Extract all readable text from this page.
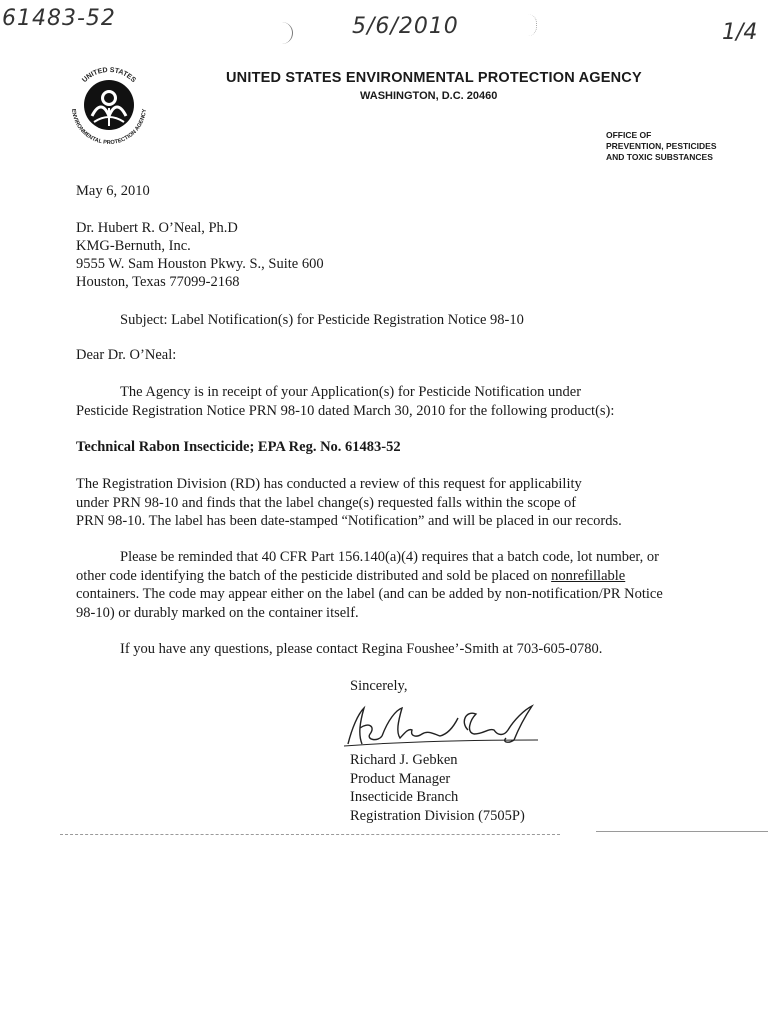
61483-52	5/6/2010	1/4
UNITED STATES
ENVIRONMENTAL PROTECTION AGENCY
UNITED STATES ENVIRONMENTAL PROTECTION AGENCY
WASHINGTON, D.C. 20460
OFFICE OF
PREVENTION, PESTICIDES
AND TOXIC SUBSTANCES
May 6, 2010
Dr. Hubert R. O’Neal, Ph.D
KMG-Bernuth, Inc.
9555 W. Sam Houston Pkwy. S., Suite 600
Houston, Texas 77099-2168
Subject: Label Notification(s) for Pesticide Registration Notice 98-10
Dear Dr. O’Neal:
The Agency is in receipt of your Application(s) for Pesticide Notification under
Pesticide Registration Notice PRN 98-10 dated March 30, 2010 for the following product(s):
Technical Rabon Insecticide; EPA Reg. No. 61483-52
The Registration Division (RD) has conducted a review of this request for applicability
under PRN 98-10 and finds that the label change(s) requested falls within the scope of
PRN 98-10. The label has been date-stamped “Notification” and will be placed in our records.
Please be reminded that 40 CFR Part 156.140(a)(4) requires that a batch code, lot number, or
other code identifying the batch of the pesticide distributed and sold be placed on nonrefillable
containers. The code may appear either on the label (and can be added by non-notification/PR Notice
98-10) or durably marked on the container itself.
If you have any questions, please contact Regina Foushee’-Smith at 703-605-0780.
Sincerely,
Richard J. Gebken
Product Manager
Insecticide Branch
Registration Division (7505P)
